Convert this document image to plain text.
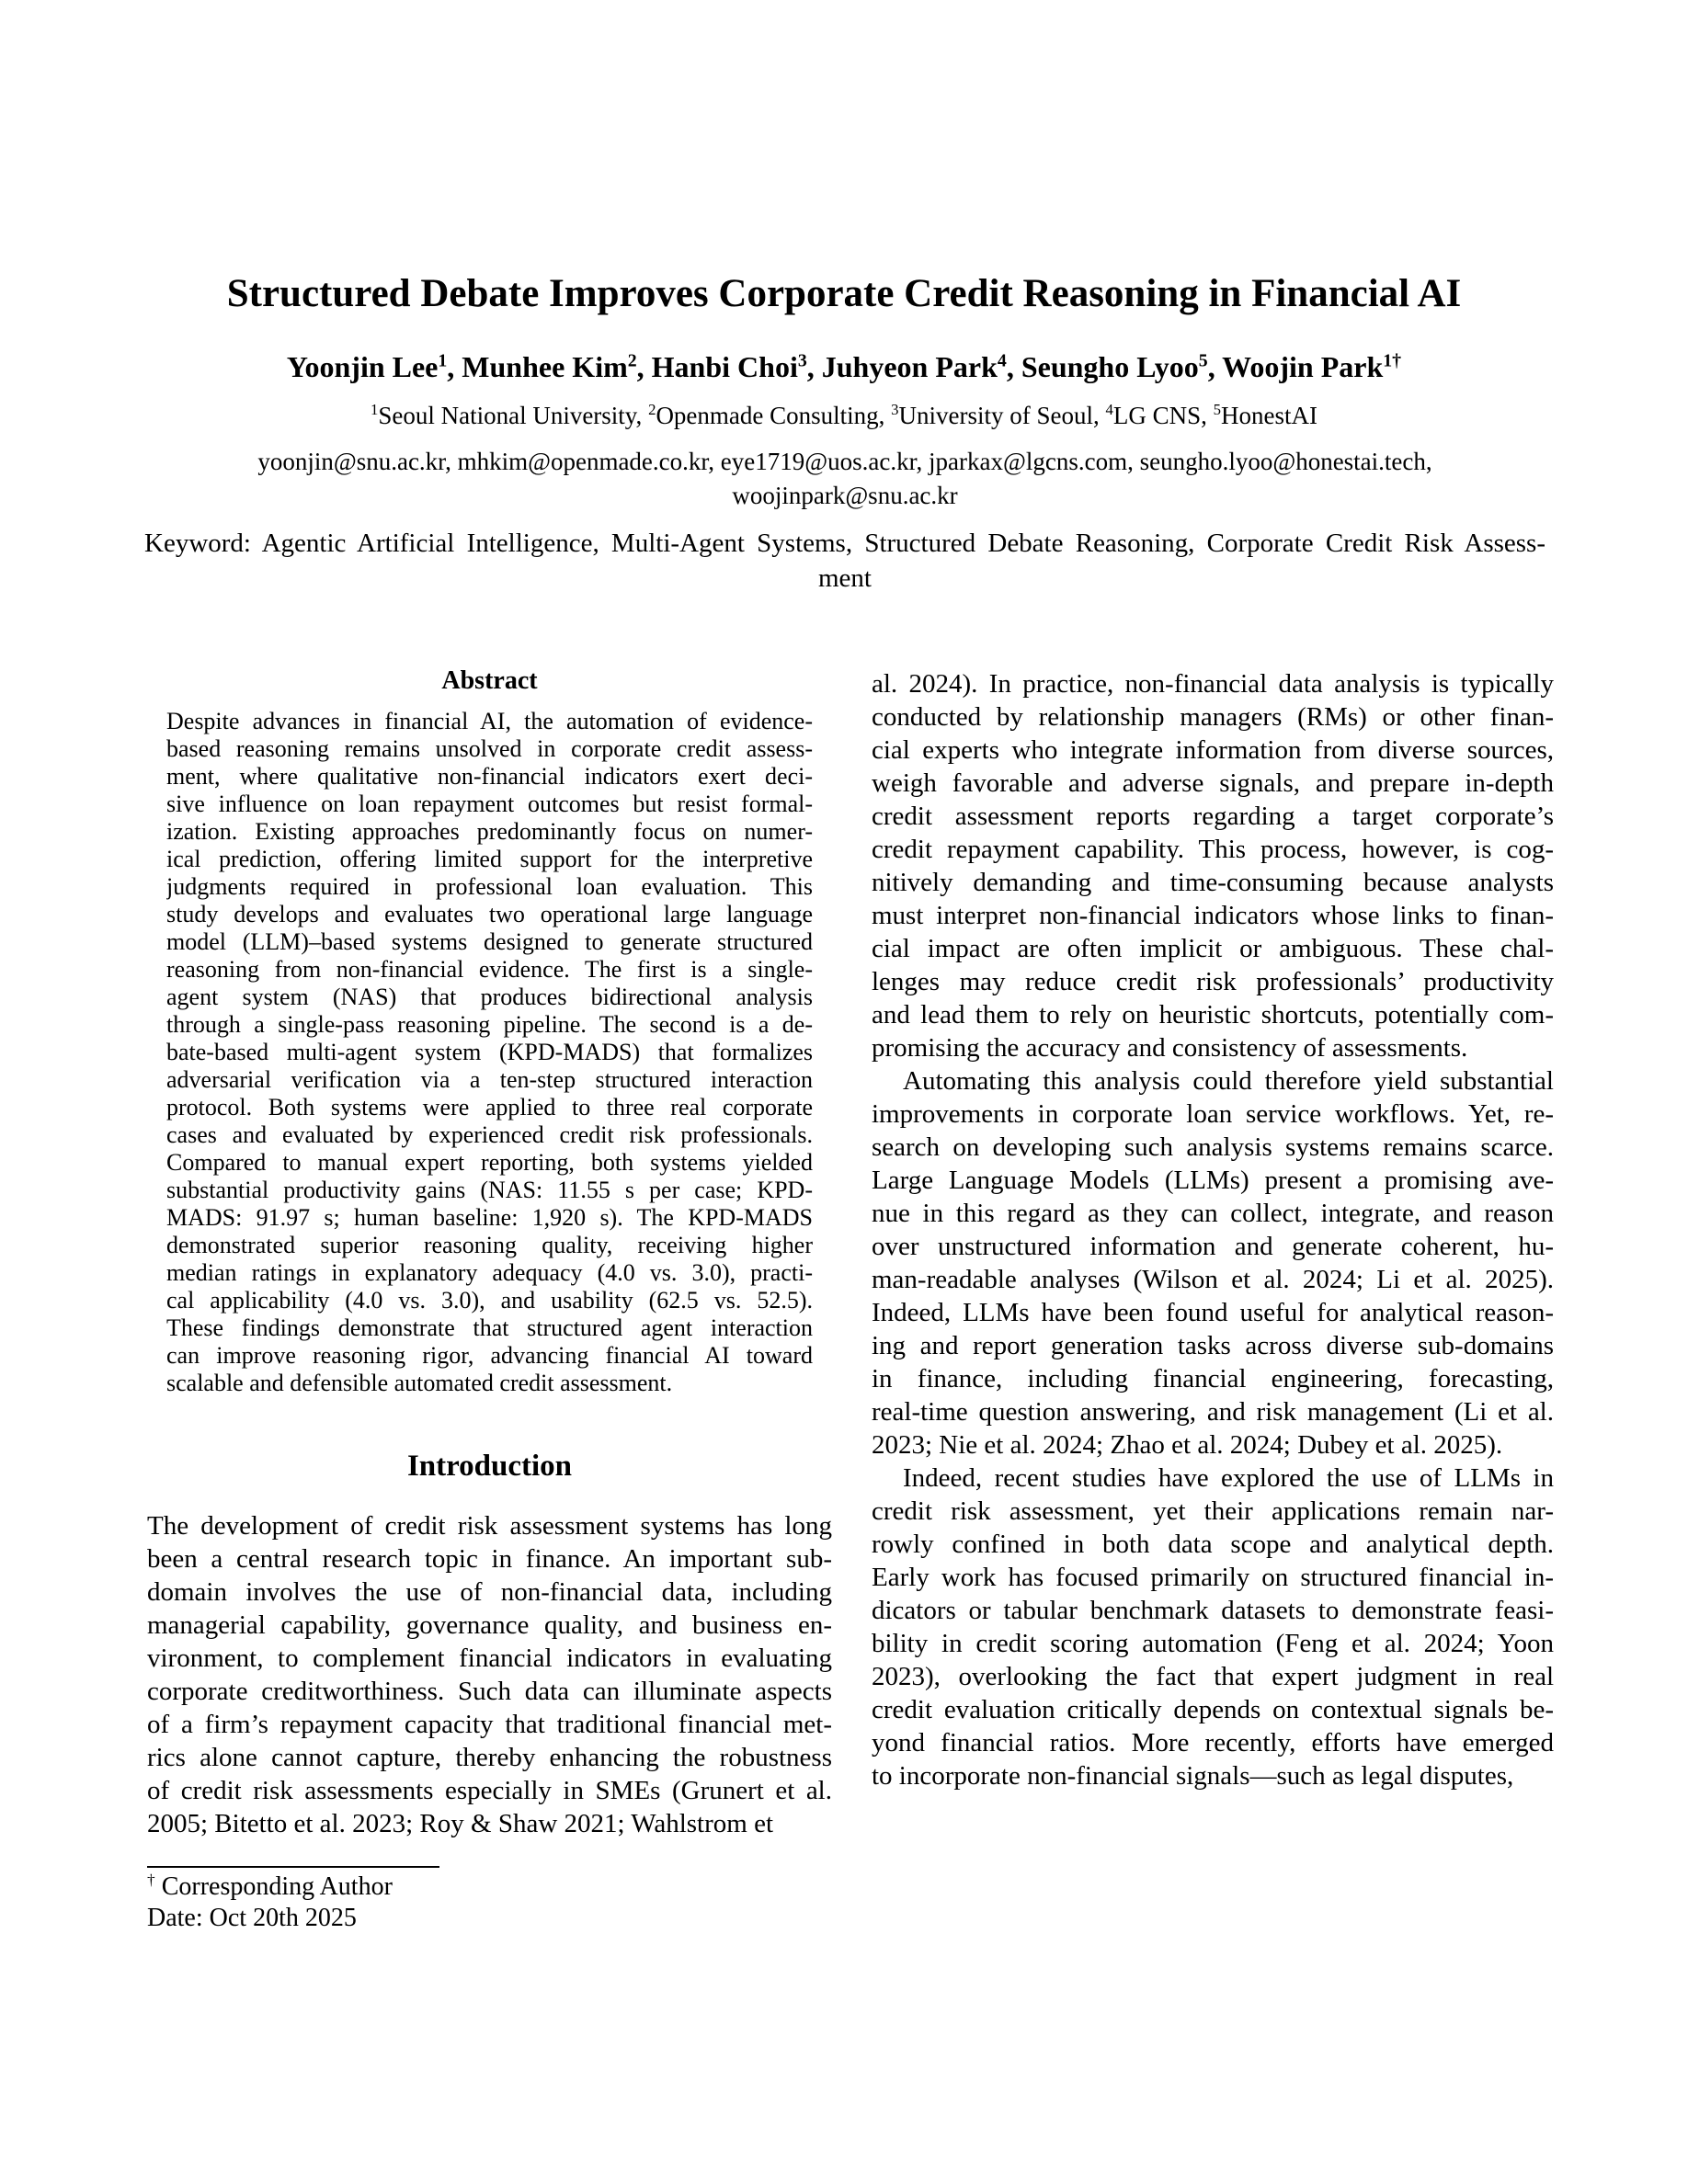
Structured Debate Improves Corporate Credit Reasoning in Financial AI
Yoonjin Lee$^1$, Munhee Kim$^2$, Hanbi Choi$^3$, Juhyeon Park$^4$, Seungho Lyoo$^5$, Woojin Park$^{1\dagger}$
$^1$Seoul National University, $^2$Openmade Consulting, $^3$University of Seoul, $^4$LG CNS, $^5$HonestAI
yoonjin@snu.ac.kr, mhkim@openmade.co.kr, eye1719@uos.ac.kr, jparkax@lgcns.com, seungho.lyoo@honestai.tech,
woojinpark@snu.ac.kr
Keyword: Agentic Artificial Intelligence, Multi-Agent Systems, Structured Debate Reasoning, Corporate Credit Risk Assess-
ment
Abstract
Despite advances in financial AI, the automation of evidence-
based reasoning remains unsolved in corporate credit assess-
ment, where qualitative non-financial indicators exert deci-
sive influence on loan repayment outcomes but resist formal-
ization. Existing approaches predominantly focus on numer-
ical prediction, offering limited support for the interpretive
judgments required in professional loan evaluation. This
study develops and evaluates two operational large language
model (LLM)–based systems designed to generate structured
reasoning from non-financial evidence. The first is a single-
agent system (NAS) that produces bidirectional analysis
through a single-pass reasoning pipeline. The second is a de-
bate-based multi-agent system (KPD-MADS) that formalizes
adversarial verification via a ten-step structured interaction
protocol. Both systems were applied to three real corporate
cases and evaluated by experienced credit risk professionals.
Compared to manual expert reporting, both systems yielded
substantial productivity gains (NAS: 11.55 s per case; KPD-
MADS: 91.97 s; human baseline: 1,920 s). The KPD-MADS
demonstrated superior reasoning quality, receiving higher
median ratings in explanatory adequacy (4.0 vs. 3.0), practi-
cal applicability (4.0 vs. 3.0), and usability (62.5 vs. 52.5).
These findings demonstrate that structured agent interaction
can improve reasoning rigor, advancing financial AI toward
scalable and defensible automated credit assessment.
Introduction
The development of credit risk assessment systems has long
been a central research topic in finance. An important sub-
domain involves the use of non-financial data, including
managerial capability, governance quality, and business en-
vironment, to complement financial indicators in evaluating
corporate creditworthiness. Such data can illuminate aspects
of a firm’s repayment capacity that traditional financial met-
rics alone cannot capture, thereby enhancing the robustness
of credit risk assessments especially in SMEs (Grunert et al.
2005; Bitetto et al. 2023; Roy & Shaw 2021; Wahlstrom et
al. 2024). In practice, non-financial data analysis is typically
conducted by relationship managers (RMs) or other finan-
cial experts who integrate information from diverse sources,
weigh favorable and adverse signals, and prepare in-depth
credit assessment reports regarding a target corporate’s
credit repayment capability. This process, however, is cog-
nitively demanding and time-consuming because analysts
must interpret non-financial indicators whose links to finan-
cial impact are often implicit or ambiguous. These chal-
lenges may reduce credit risk professionals’ productivity
and lead them to rely on heuristic shortcuts, potentially com-
promising the accuracy and consistency of assessments.
Automating this analysis could therefore yield substantial
improvements in corporate loan service workflows. Yet, re-
search on developing such analysis systems remains scarce.
Large Language Models (LLMs) present a promising ave-
nue in this regard as they can collect, integrate, and reason
over unstructured information and generate coherent, hu-
man-readable analyses (Wilson et al. 2024; Li et al. 2025).
Indeed, LLMs have been found useful for analytical reason-
ing and report generation tasks across diverse sub-domains
in finance, including financial engineering, forecasting,
real-time question answering, and risk management (Li et al.
2023; Nie et al. 2024; Zhao et al. 2024; Dubey et al. 2025).
Indeed, recent studies have explored the use of LLMs in
credit risk assessment, yet their applications remain nar-
rowly confined in both data scope and analytical depth.
Early work has focused primarily on structured financial in-
dicators or tabular benchmark datasets to demonstrate feasi-
bility in credit scoring automation (Feng et al. 2024; Yoon
2023), overlooking the fact that expert judgment in real
credit evaluation critically depends on contextual signals be-
yond financial ratios. More recently, efforts have emerged
to incorporate non-financial signals—such as legal disputes,
† Corresponding Author
Date: Oct 20th 2025
